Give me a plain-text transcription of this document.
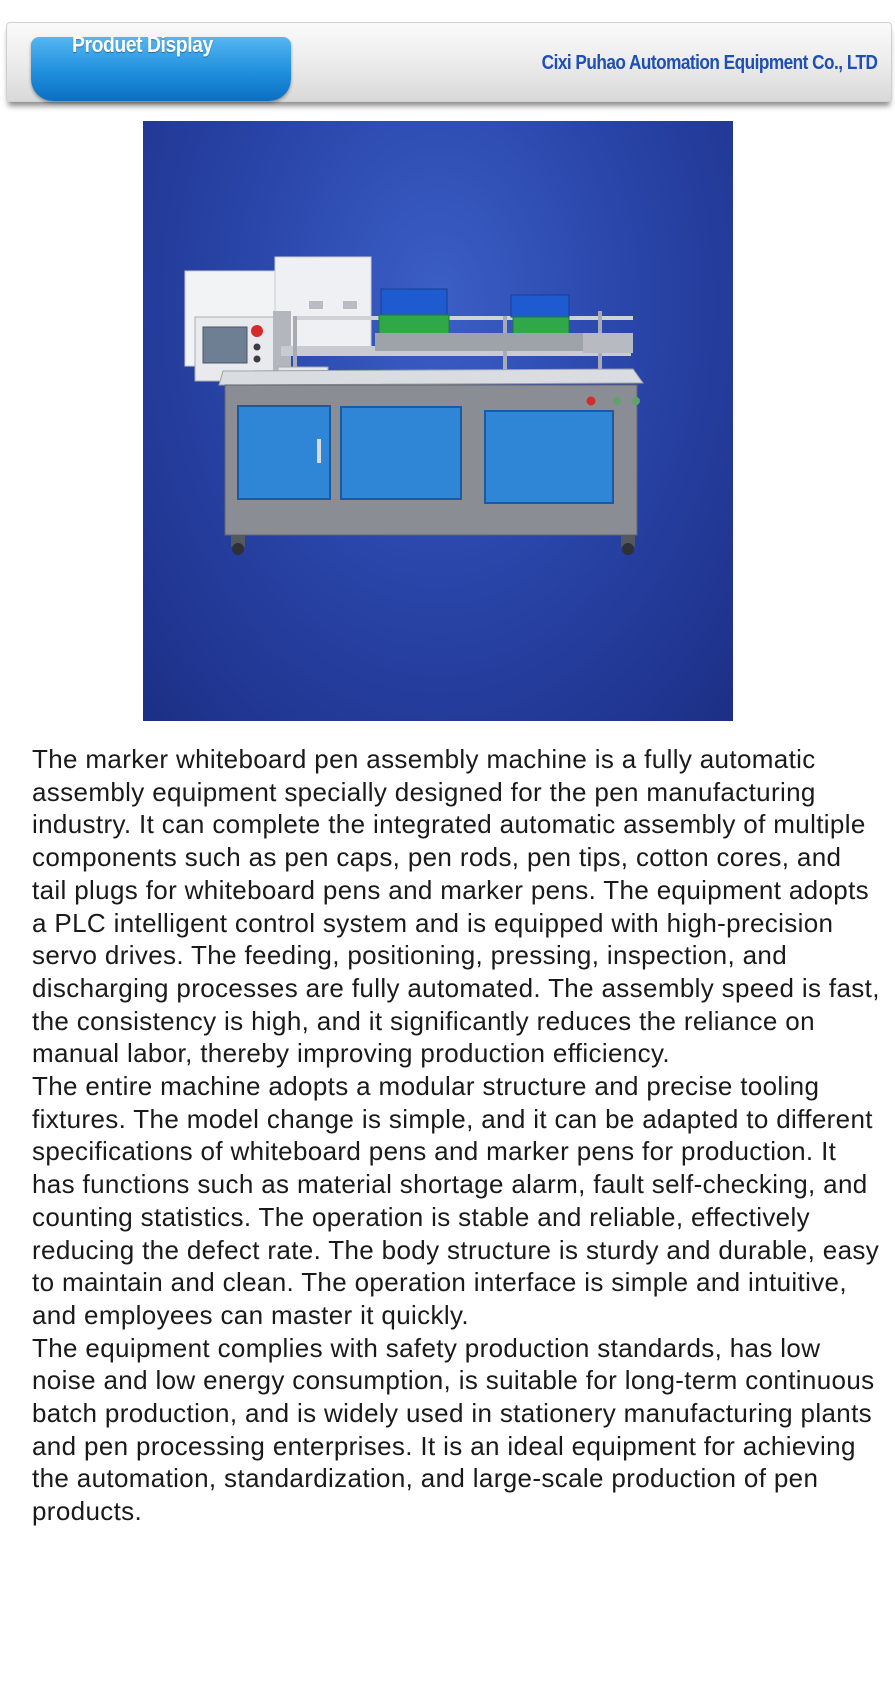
Produet Display
Cixi Puhao Automation Equipment Co., LTD

The marker whiteboard pen assembly machine is a fully automatic assembly equipment specially designed for the pen manufacturing industry. It can complete the integrated automatic assembly of multiple components such as pen caps, pen rods, pen tips, cotton cores, and tail plugs for whiteboard pens and marker pens. The equipment adopts a PLC intelligent control system and is equipped with high-precision servo drives. The feeding, positioning, pressing, inspection, and discharging processes are fully automated. The assembly speed is fast, the consistency is high, and it significantly reduces the reliance on manual labor, thereby improving production efficiency.

The entire machine adopts a modular structure and precise tooling fixtures. The model change is simple, and it can be adapted to different specifications of whiteboard pens and marker pens for production. It has functions such as material shortage alarm, fault self-checking, and counting statistics. The operation is stable and reliable, effectively reducing the defect rate. The body structure is sturdy and durable, easy to maintain and clean. The operation interface is simple and intuitive, and employees can master it quickly.

The equipment complies with safety production standards, has low noise and low energy consumption, is suitable for long-term continuous batch production, and is widely used in stationery manufacturing plants and pen processing enterprises. It is an ideal equipment for achieving the automation, standardization, and large-scale production of pen products.
